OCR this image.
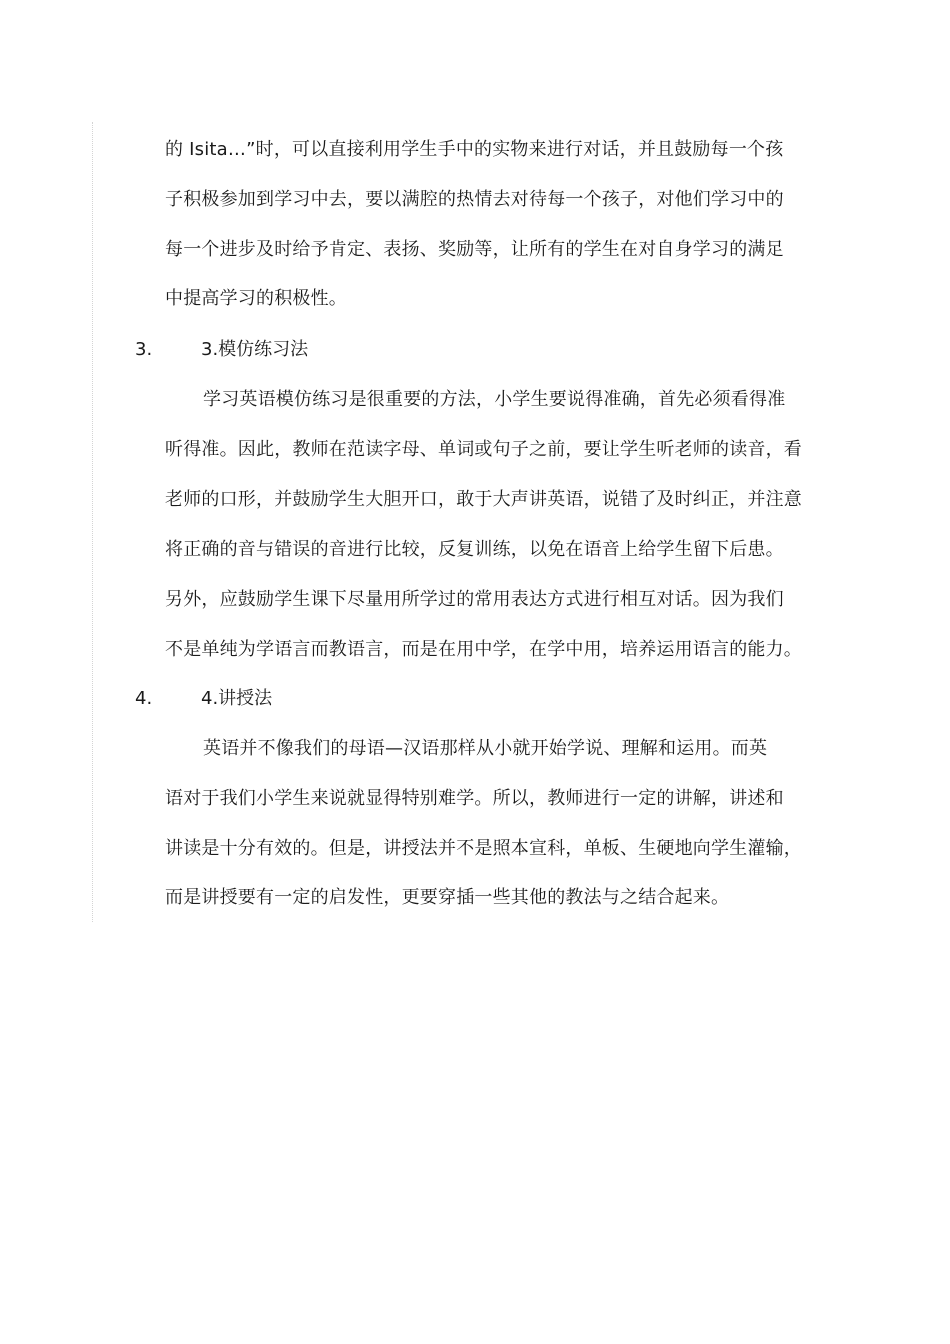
的 Isita…”时，可以直接利用学生手中的实物来进行对话，并且鼓励每一个孩
子积极参加到学习中去，要以满腔的热情去对待每一个孩子，对他们学习中的
每一个进步及时给予肯定、表扬、奖励等，让所有的学生在对自身学习的满足
中提高学习的积极性。
3.	3.模仿练习法
学习英语模仿练习是很重要的方法，小学生要说得准确，首先必须看得准
听得准。因此，教师在范读字母、单词或句子之前，要让学生听老师的读音，看
老师的口形，并鼓励学生大胆开口，敢于大声讲英语，说错了及时纠正，并注意
将正确的音与错误的音进行比较，反复训练，以免在语音上给学生留下后患。
另外，应鼓励学生课下尽量用所学过的常用表达方式进行相互对话。因为我们
不是单纯为学语言而教语言，而是在用中学，在学中用，培养运用语言的能力。
4.	4.讲授法
英语并不像我们的母语—汉语那样从小就开始学说、理解和运用。而英
语对于我们小学生来说就显得特别难学。所以，教师进行一定的讲解，讲述和
讲读是十分有效的。但是，讲授法并不是照本宣科，单板、生硬地向学生灌输，
而是讲授要有一定的启发性，更要穿插一些其他的教法与之结合起来。
